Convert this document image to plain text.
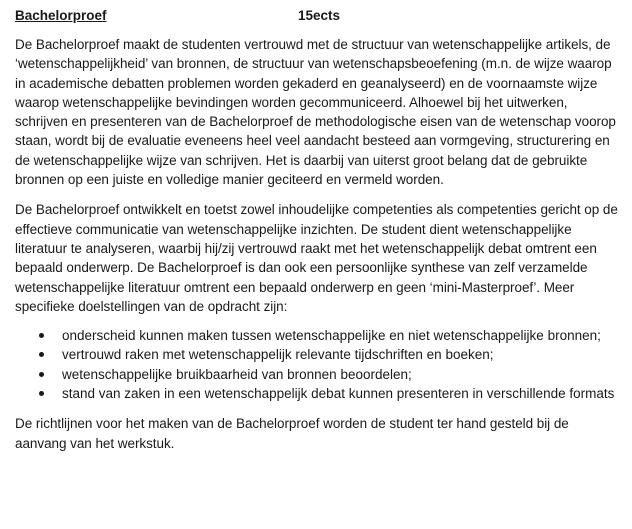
Bachelorproef	15ects

De Bachelorproef maakt de studenten vertrouwd met de structuur van wetenschappelijke artikels, de ‘wetenschappelijkheid’ van bronnen, de structuur van wetenschapsbeoefening (m.n. de wijze waarop in academische debatten problemen worden gekaderd en geanalyseerd) en de voornaamste wijze waarop wetenschappelijke bevindingen worden gecommuniceerd. Alhoewel bij het uitwerken, schrijven en presenteren van de Bachelorproef de methodologische eisen van de wetenschap voorop staan, wordt bij de evaluatie eveneens heel veel aandacht besteed aan vormgeving, structurering en de wetenschappelijke wijze van schrijven. Het is daarbij van uiterst groot belang dat de gebruikte bronnen op een juiste en volledige manier geciteerd en vermeld worden.

De Bachelorproef ontwikkelt en toetst zowel inhoudelijke competenties als competenties gericht op de effectieve communicatie van wetenschappelijke inzichten. De student dient wetenschappelijke literatuur te analyseren, waarbij hij/zij vertrouwd raakt met het wetenschappelijk debat omtrent een bepaald onderwerp. De Bachelorproef is dan ook een persoonlijke synthese van zelf verzamelde wetenschappelijke literatuur omtrent een bepaald onderwerp en geen ‘mini-Masterproef’. Meer specifieke doelstellingen van de opdracht zijn:

onderscheid kunnen maken tussen wetenschappelijke en niet wetenschappelijke bronnen;
vertrouwd raken met wetenschappelijk relevante tijdschriften en boeken;
wetenschappelijke bruikbaarheid van bronnen beoordelen;
stand van zaken in een wetenschappelijk debat kunnen presenteren in verschillende formats

De richtlijnen voor het maken van de Bachelorproef worden de student ter hand gesteld bij de aanvang van het werkstuk.
